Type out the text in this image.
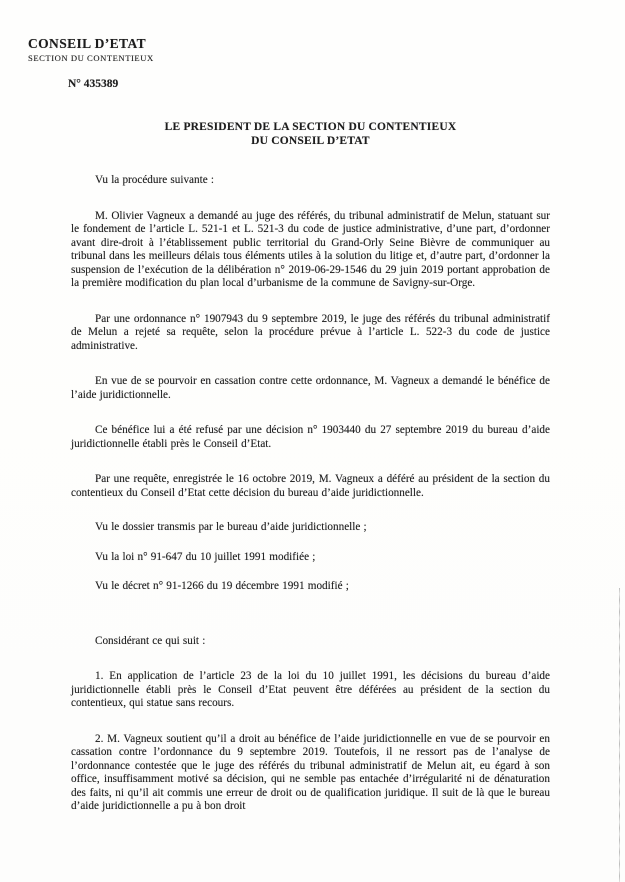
CONSEIL D’ETAT
SECTION DU CONTENTIEUX
N° 435389
LE PRESIDENT DE LA SECTION DU CONTENTIEUX
DU CONSEIL D’ETAT

Vu la procédure suivante :

M. Olivier Vagneux a demandé au juge des référés, du tribunal administratif de Melun, statuant sur le fondement de l’article L. 521-1 et L. 521-3 du code de justice administrative, d’une part, d’ordonner avant dire-droit à l’établissement public territorial du Grand-Orly Seine Bièvre de communiquer au tribunal dans les meilleurs délais tous éléments utiles à la solution du litige et, d’autre part, d’ordonner la suspension de l’exécution de la délibération n° 2019-06-29-1546 du 29 juin 2019 portant approbation de la première modification du plan local d’urbanisme de la commune de Savigny-sur-Orge.

Par une ordonnance n° 1907943 du 9 septembre 2019, le juge des référés du tribunal administratif de Melun a rejeté sa requête, selon la procédure prévue à l’article L. 522-3 du code de justice administrative.

En vue de se pourvoir en cassation contre cette ordonnance, M. Vagneux a demandé le bénéfice de l’aide juridictionnelle.

Ce bénéfice lui a été refusé par une décision n° 1903440 du 27 septembre 2019 du bureau d’aide juridictionnelle établi près le Conseil d’Etat.

Par une requête, enregistrée le 16 octobre 2019, M. Vagneux a déféré au président de la section du contentieux du Conseil d’Etat cette décision du bureau d’aide juridictionnelle.

Vu le dossier transmis par le bureau d’aide juridictionnelle ;

Vu la loi n° 91-647 du 10 juillet 1991 modifiée ;

Vu le décret n° 91-1266 du 19 décembre 1991 modifié ;

Considérant ce qui suit :

1. En application de l’article 23 de la loi du 10 juillet 1991, les décisions du bureau d’aide juridictionnelle établi près le Conseil d’Etat peuvent être déférées au président de la section du contentieux, qui statue sans recours.

2. M. Vagneux soutient qu’il a droit au bénéfice de l’aide juridictionnelle en vue de se pourvoir en cassation contre l’ordonnance du 9 septembre 2019. Toutefois, il ne ressort pas de l’analyse de l’ordonnance contestée que le juge des référés du tribunal administratif de Melun ait, eu égard à son office, insuffisamment motivé sa décision, qui ne semble pas entachée d’irrégularité ni de dénaturation des faits, ni qu’il ait commis une erreur de droit ou de qualification juridique. Il suit de là que le bureau d’aide juridictionnelle a pu à bon droit
